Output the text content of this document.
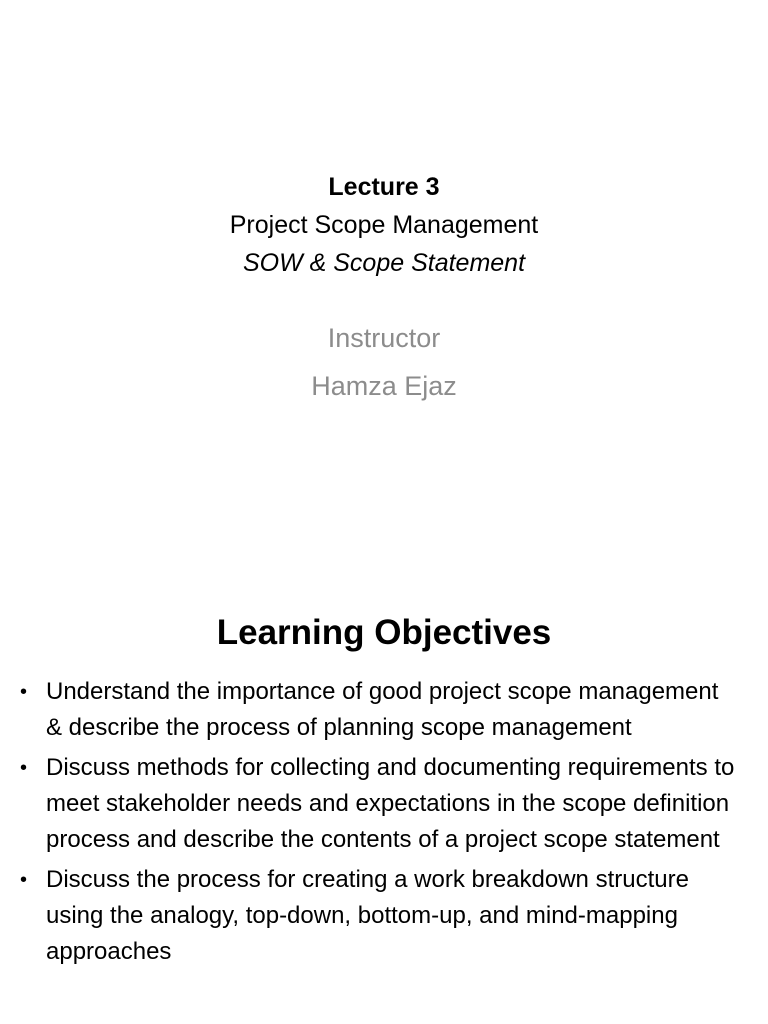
Lecture 3
Project Scope Management
SOW & Scope Statement
Instructor
Hamza Ejaz
Learning Objectives
• Understand the importance of good project scope management & describe the process of planning scope management
• Discuss methods for collecting and documenting requirements to meet stakeholder needs and expectations in the scope definition process and describe the contents of a project scope statement
• Discuss the process for creating a work breakdown structure using the analogy, top-down, bottom-up, and mind-mapping approaches
